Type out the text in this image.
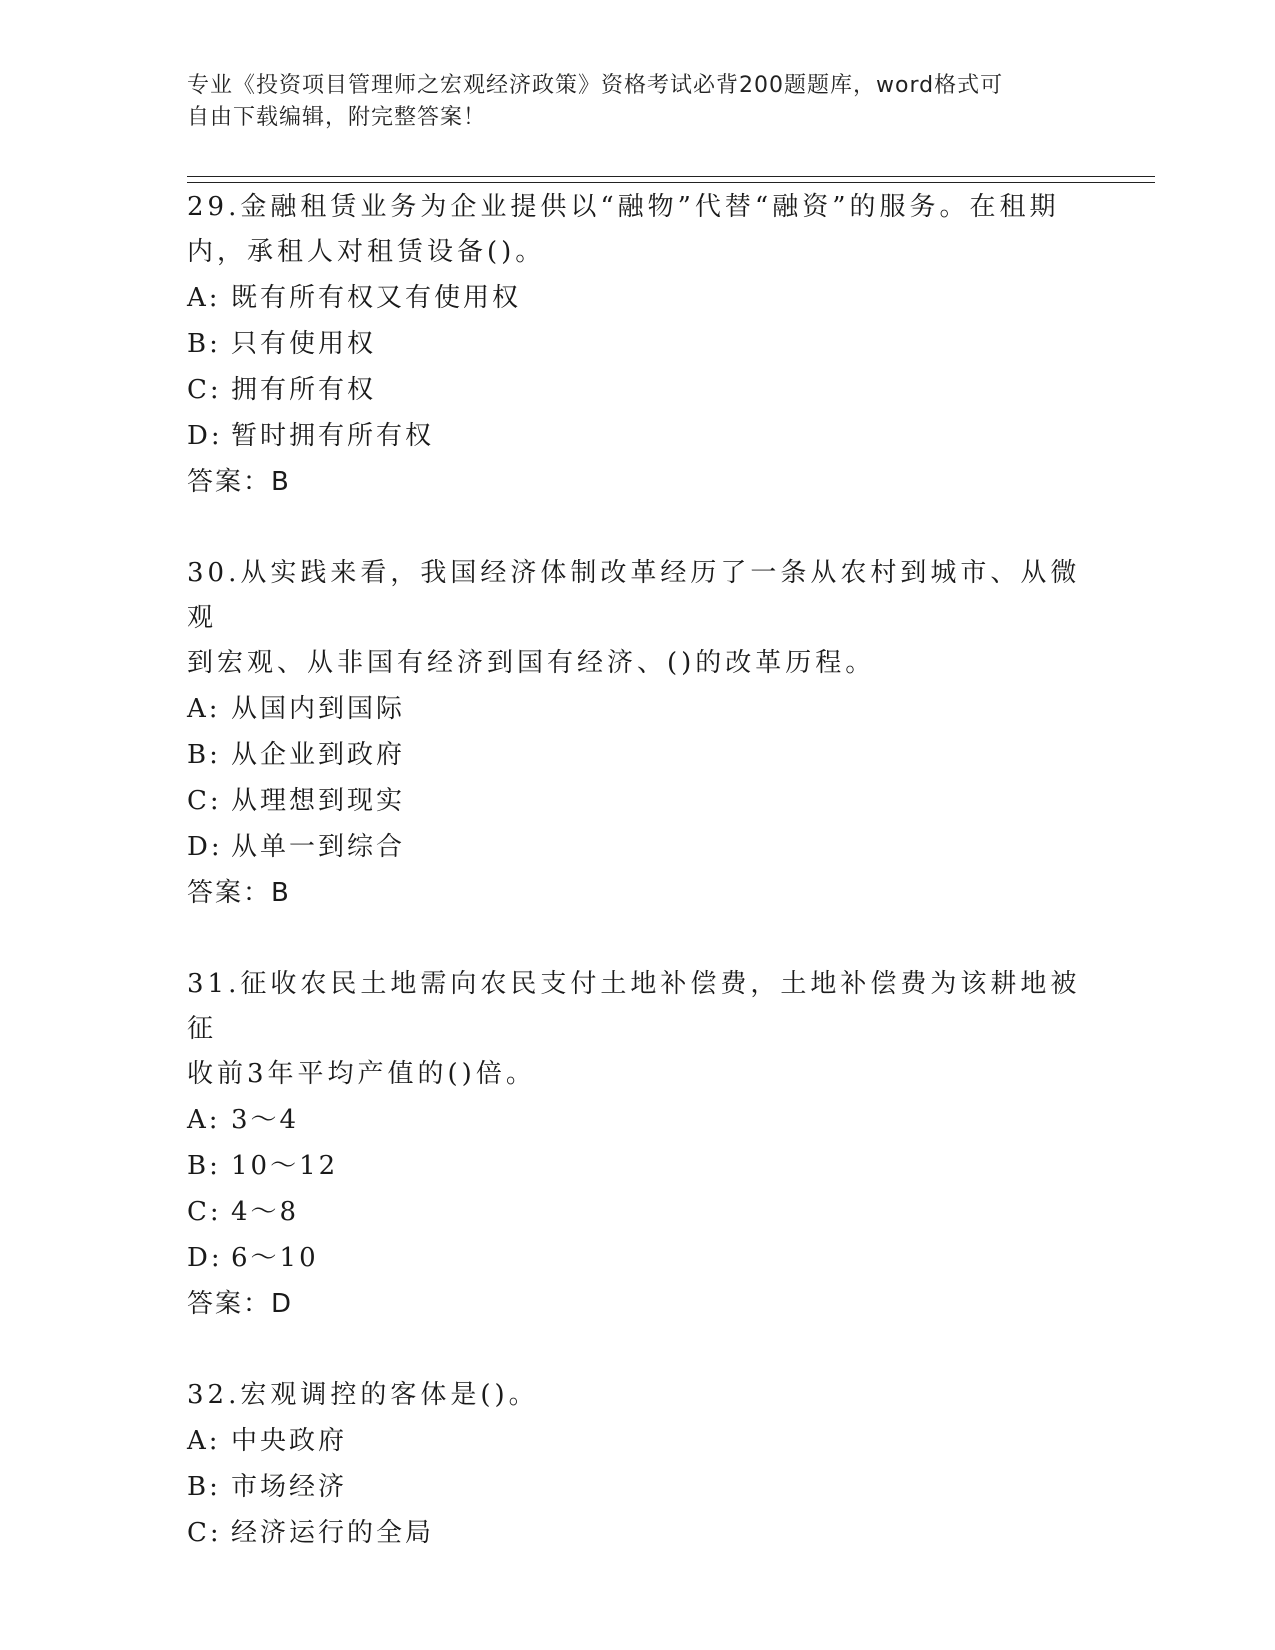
专业《投资项目管理师之宏观经济政策》资格考试必背200题题库，word格式可
自由下载编辑，附完整答案！

29.金融租赁业务为企业提供以“融物”代替“融资”的服务。在租期

内，承租人对租赁设备()。

A: 既有所有权又有使用权

B: 只有使用权

C: 拥有所有权

D: 暂时拥有所有权

答案：B

30.从实践来看，我国经济体制改革经历了一条从农村到城市、从微观

到宏观、从非国有经济到国有经济、()的改革历程。

A: 从国内到国际

B: 从企业到政府

C: 从理想到现实

D: 从单一到综合

答案：B

31.征收农民土地需向农民支付土地补偿费，土地补偿费为该耕地被征

收前3年平均产值的()倍。

A: 3～4

B: 10～12

C: 4～8

D: 6～10

答案：D

32.宏观调控的客体是()。

A: 中央政府

B: 市场经济

C: 经济运行的全局
